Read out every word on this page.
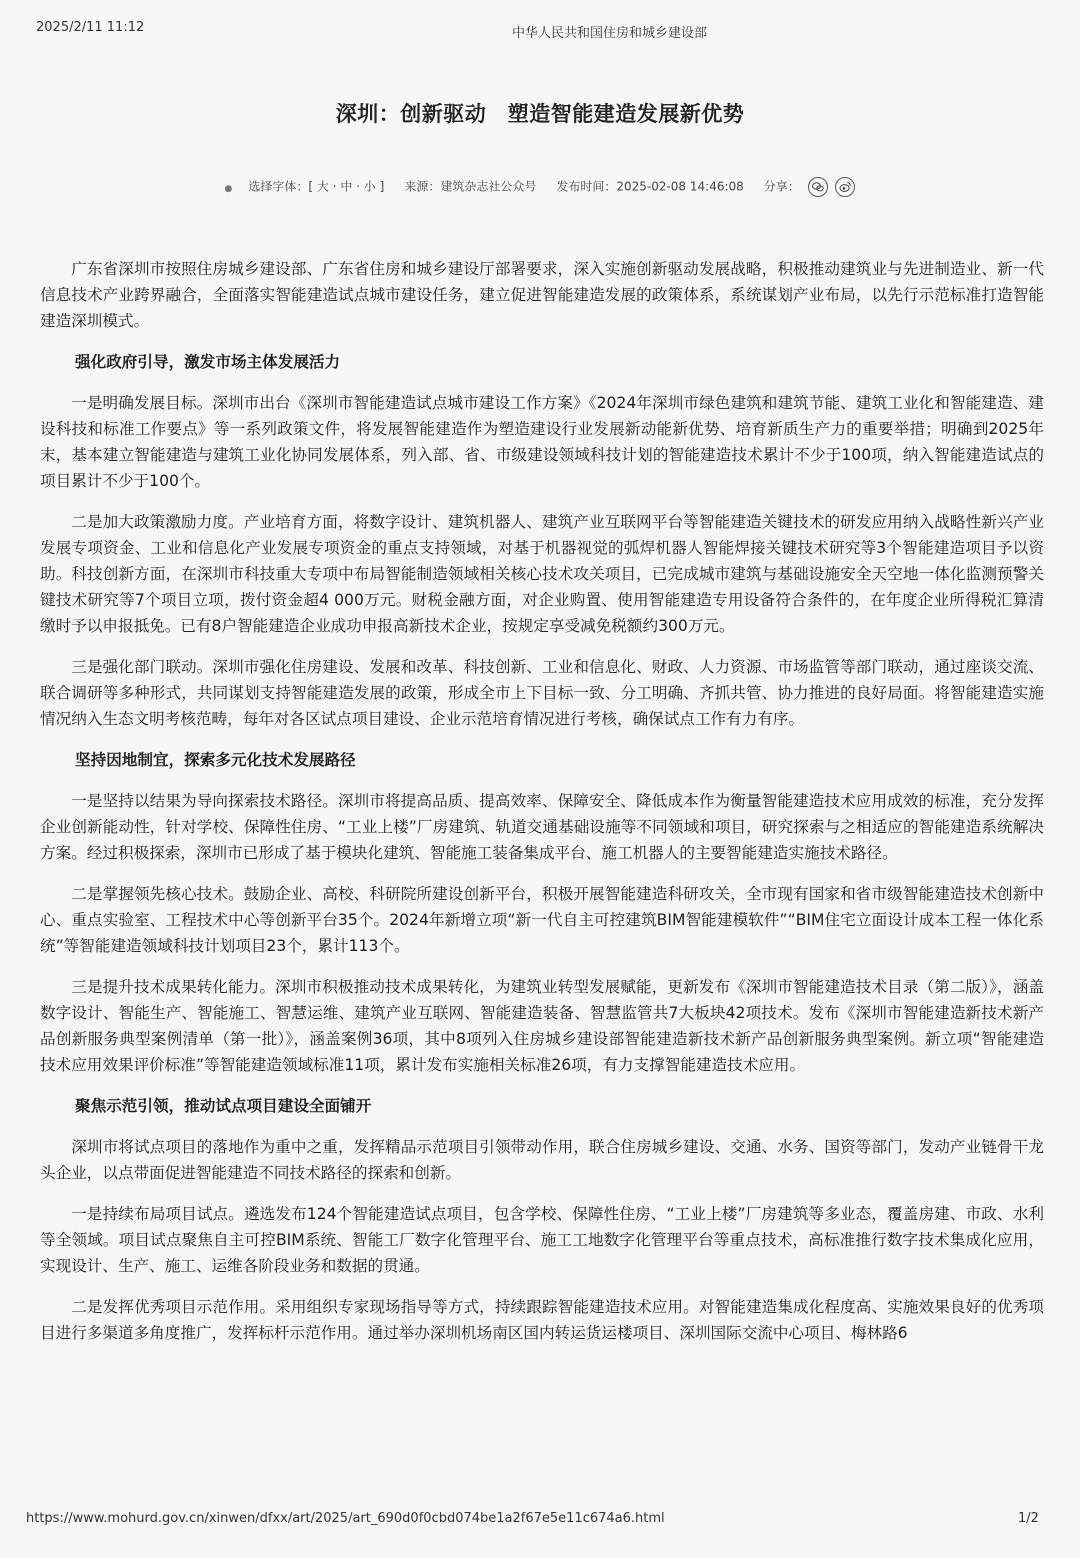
2025/2/11 11:12	中华人民共和国住房和城乡建设部
深圳：创新驱动　塑造智能建造发展新优势
● 选择字体：[ 大 · 中 · 小 ] 来源：建筑杂志社公众号 发布时间：2025-02-08 14:46:08 分享：

广东省深圳市按照住房城乡建设部、广东省住房和城乡建设厅部署要求，深入实施创新驱动发展战略，积极推动建筑业与先进制造业、新一代信息技术产业跨界融合，全面落实智能建造试点城市建设任务，建立促进智能建造发展的政策体系，系统谋划产业布局，以先行示范标准打造智能建造深圳模式。

强化政府引导，激发市场主体发展活力

一是明确发展目标。深圳市出台《深圳市智能建造试点城市建设工作方案》《2024年深圳市绿色建筑和建筑节能、建筑工业化和智能建造、建设科技和标准工作要点》等一系列政策文件，将发展智能建造作为塑造建设行业发展新动能新优势、培育新质生产力的重要举措；明确到2025年末，基本建立智能建造与建筑工业化协同发展体系，列入部、省、市级建设领域科技计划的智能建造技术累计不少于100项，纳入智能建造试点的项目累计不少于100个。

二是加大政策激励力度。产业培育方面，将数字设计、建筑机器人、建筑产业互联网平台等智能建造关键技术的研发应用纳入战略性新兴产业发展专项资金、工业和信息化产业发展专项资金的重点支持领域，对基于机器视觉的弧焊机器人智能焊接关键技术研究等3个智能建造项目予以资助。科技创新方面，在深圳市科技重大专项中布局智能制造领域相关核心技术攻关项目，已完成城市建筑与基础设施安全天空地一体化监测预警关键技术研究等7个项目立项，拨付资金超4 000万元。财税金融方面，对企业购置、使用智能建造专用设备符合条件的，在年度企业所得税汇算清缴时予以申报抵免。已有8户智能建造企业成功申报高新技术企业，按规定享受减免税额约300万元。

三是强化部门联动。深圳市强化住房建设、发展和改革、科技创新、工业和信息化、财政、人力资源、市场监管等部门联动，通过座谈交流、联合调研等多种形式，共同谋划支持智能建造发展的政策，形成全市上下目标一致、分工明确、齐抓共管、协力推进的良好局面。将智能建造实施情况纳入生态文明考核范畴，每年对各区试点项目建设、企业示范培育情况进行考核，确保试点工作有力有序。

坚持因地制宜，探索多元化技术发展路径

一是坚持以结果为导向探索技术路径。深圳市将提高品质、提高效率、保障安全、降低成本作为衡量智能建造技术应用成效的标准，充分发挥企业创新能动性，针对学校、保障性住房、“工业上楼”厂房建筑、轨道交通基础设施等不同领域和项目，研究探索与之相适应的智能建造系统解决方案。经过积极探索，深圳市已形成了基于模块化建筑、智能施工装备集成平台、施工机器人的主要智能建造实施技术路径。

二是掌握领先核心技术。鼓励企业、高校、科研院所建设创新平台，积极开展智能建造科研攻关，全市现有国家和省市级智能建造技术创新中心、重点实验室、工程技术中心等创新平台35个。2024年新增立项“新一代自主可控建筑BIM智能建模软件”“BIM住宅立面设计成本工程一体化系统”等智能建造领域科技计划项目23个，累计113个。

三是提升技术成果转化能力。深圳市积极推动技术成果转化，为建筑业转型发展赋能，更新发布《深圳市智能建造技术目录（第二版）》，涵盖数字设计、智能生产、智能施工、智慧运维、建筑产业互联网、智能建造装备、智慧监管共7大板块42项技术。发布《深圳市智能建造新技术新产品创新服务典型案例清单（第一批）》，涵盖案例36项，其中8项列入住房城乡建设部智能建造新技术新产品创新服务典型案例。新立项“智能建造技术应用效果评价标准”等智能建造领域标准11项，累计发布实施相关标准26项，有力支撑智能建造技术应用。

聚焦示范引领，推动试点项目建设全面铺开

深圳市将试点项目的落地作为重中之重，发挥精品示范项目引领带动作用，联合住房城乡建设、交通、水务、国资等部门，发动产业链骨干龙头企业，以点带面促进智能建造不同技术路径的探索和创新。

一是持续布局项目试点。遴选发布124个智能建造试点项目，包含学校、保障性住房、“工业上楼”厂房建筑等多业态，覆盖房建、市政、水利等全领域。项目试点聚焦自主可控BIM系统、智能工厂数字化管理平台、施工工地数字化管理平台等重点技术，高标准推行数字技术集成化应用，实现设计、生产、施工、运维各阶段业务和数据的贯通。

二是发挥优秀项目示范作用。采用组织专家现场指导等方式，持续跟踪智能建造技术应用。对智能建造集成化程度高、实施效果良好的优秀项目进行多渠道多角度推广，发挥标杆示范作用。通过举办深圳机场南区国内转运货运楼项目、深圳国际交流中心项目、梅林路6

https://www.mohurd.gov.cn/xinwen/dfxx/art/2025/art_690d0f0cbd074be1a2f67e5e11c674a6.html	1/2
